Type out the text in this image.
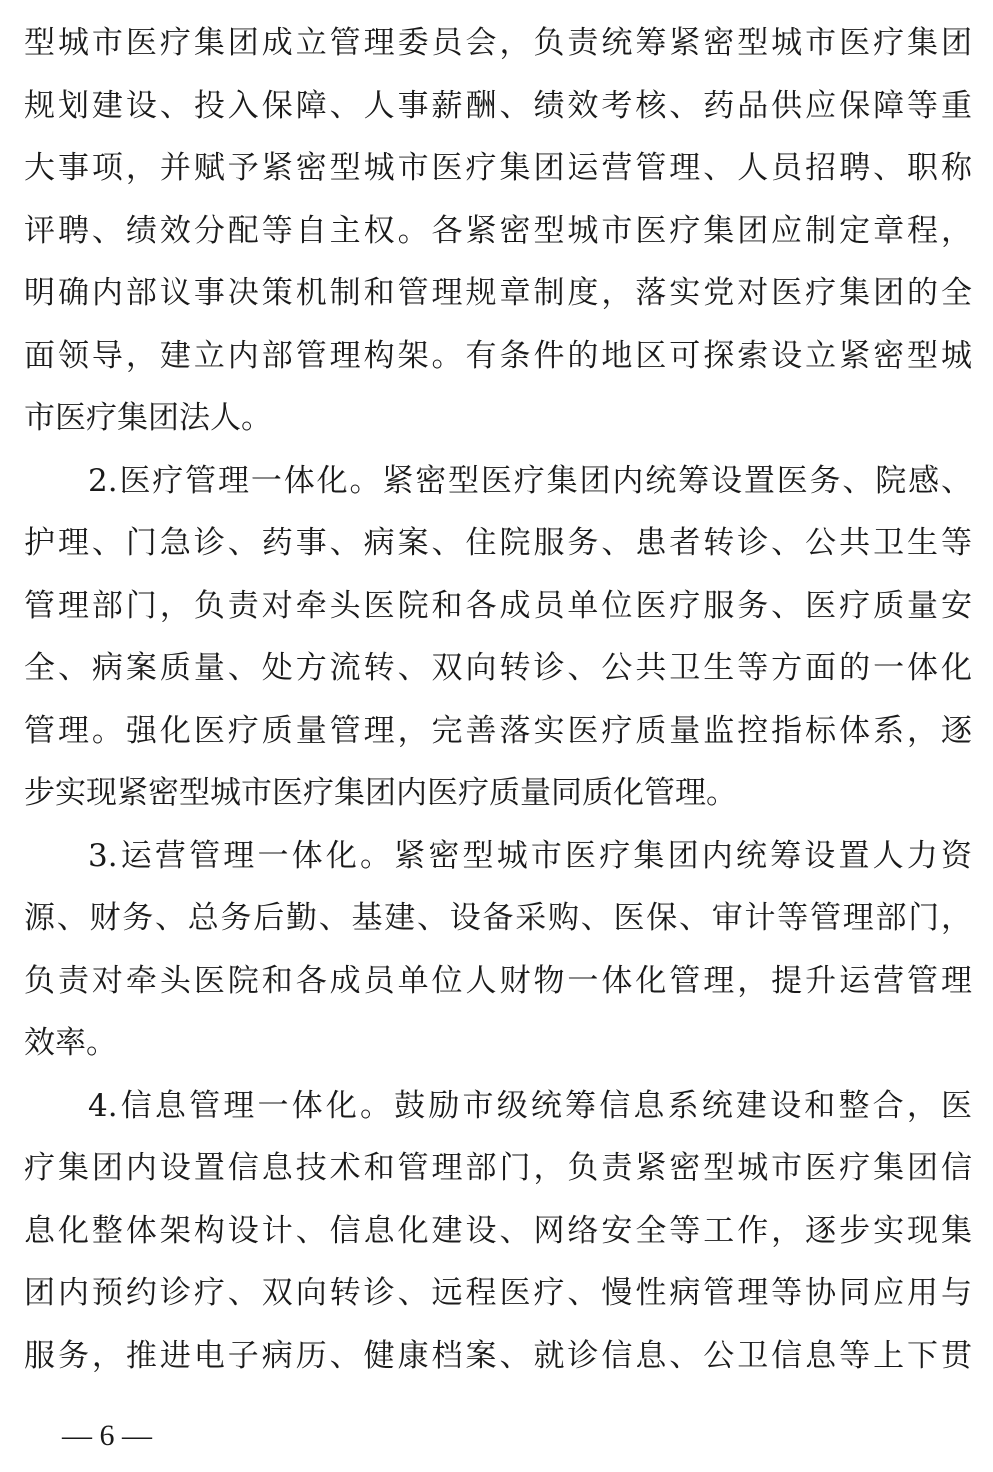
型城市医疗集团成立管理委员会，负责统筹紧密型城市医疗集团
规划建设、投入保障、人事薪酬、绩效考核、药品供应保障等重
大事项，并赋予紧密型城市医疗集团运营管理、人员招聘、职称
评聘、绩效分配等自主权。各紧密型城市医疗集团应制定章程，
明确内部议事决策机制和管理规章制度，落实党对医疗集团的全
面领导，建立内部管理构架。有条件的地区可探索设立紧密型城
市医疗集团法人。
2.医疗管理一体化。紧密型医疗集团内统筹设置医务、院感、
护理、门急诊、药事、病案、住院服务、患者转诊、公共卫生等
管理部门，负责对牵头医院和各成员单位医疗服务、医疗质量安
全、病案质量、处方流转、双向转诊、公共卫生等方面的一体化
管理。强化医疗质量管理，完善落实医疗质量监控指标体系，逐
步实现紧密型城市医疗集团内医疗质量同质化管理。
3.运营管理一体化。紧密型城市医疗集团内统筹设置人力资
源、财务、总务后勤、基建、设备采购、医保、审计等管理部门，
负责对牵头医院和各成员单位人财物一体化管理，提升运营管理
效率。
4.信息管理一体化。鼓励市级统筹信息系统建设和整合，医
疗集团内设置信息技术和管理部门，负责紧密型城市医疗集团信
息化整体架构设计、信息化建设、网络安全等工作，逐步实现集
团内预约诊疗、双向转诊、远程医疗、慢性病管理等协同应用与
服务，推进电子病历、健康档案、就诊信息、公卫信息等上下贯
— 6 —
